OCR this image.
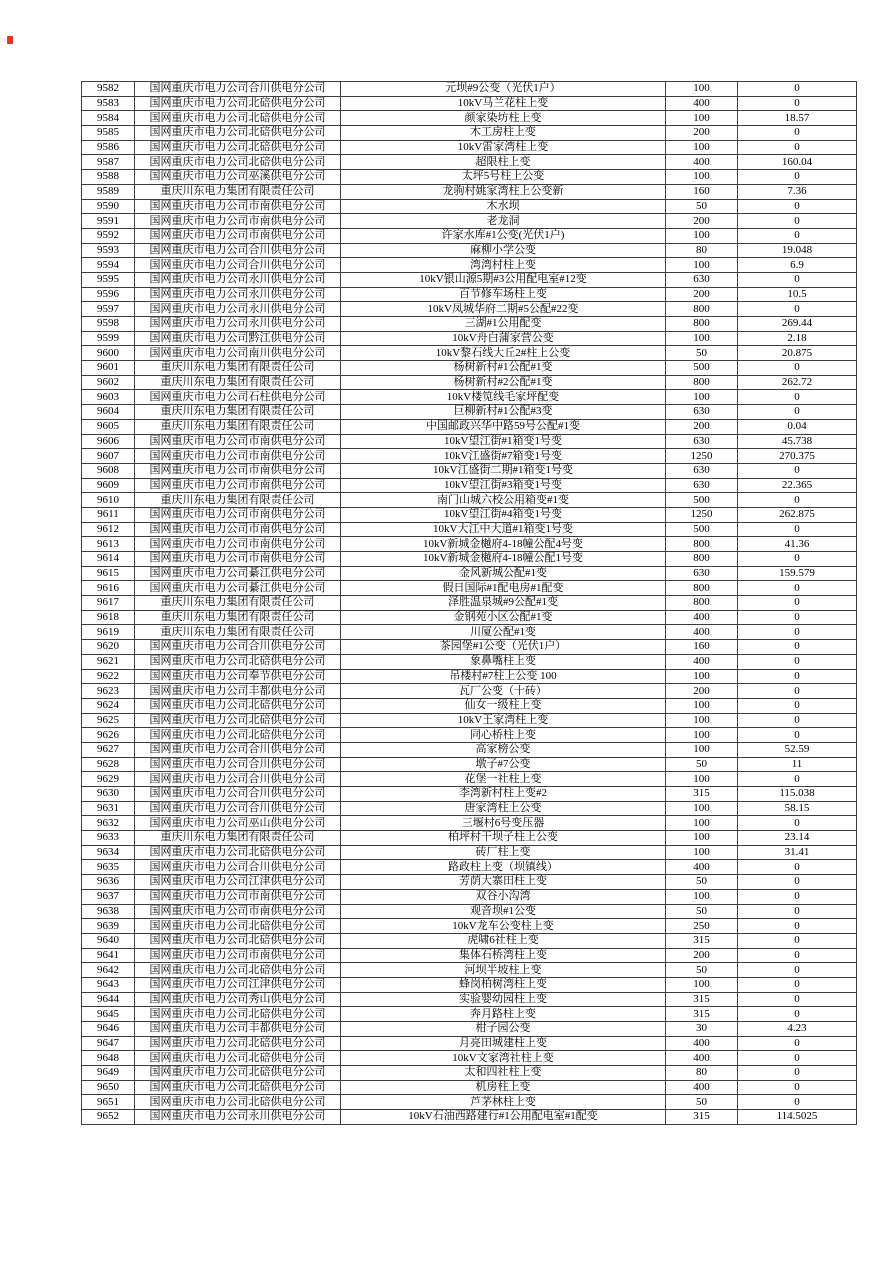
9582	国网重庆市电力公司合川供电分公司	元坝#9公变（光伏1户）	100	0
9583	国网重庆市电力公司北碚供电分公司	10kV马兰花柱上变	400	0
9584	国网重庆市电力公司北碚供电分公司	颜家染坊柱上变	100	18.57
9585	国网重庆市电力公司北碚供电分公司	木工房柱上变	200	0
9586	国网重庆市电力公司北碚供电分公司	10kV雷家湾柱上变	100	0
9587	国网重庆市电力公司北碚供电分公司	超限柱上变	400	160.04
9588	国网重庆市电力公司巫溪供电分公司	太坪5号柱上公变	100	0
9589	重庆川东电力集团有限责任公司	龙驹村姚家湾柱上公变新	160	7.36
9590	国网重庆市电力公司市南供电分公司	木水坝	50	0
9591	国网重庆市电力公司市南供电分公司	老龙洞	200	0
9592	国网重庆市电力公司市南供电分公司	许家水库#1公变(光伏1户)	100	0
9593	国网重庆市电力公司合川供电分公司	麻柳小学公变	80	19.048
9594	国网重庆市电力公司合川供电分公司	湾湾村柱上变	100	6.9
9595	国网重庆市电力公司永川供电分公司	10kV银山源5期#3公用配电室#12变	630	0
9596	国网重庆市电力公司永川供电分公司	百节修车场柱上变	200	10.5
9597	国网重庆市电力公司永川供电分公司	10kV凤城华府二期#5公配#22变	800	0
9598	国网重庆市电力公司永川供电分公司	三湖#1公用配变	800	269.44
9599	国网重庆市电力公司黔江供电分公司	10kV舟白蒲家营公变	100	2.18
9600	国网重庆市电力公司南川供电分公司	10kV黎石线大丘2#柱上公变	50	20.875
9601	重庆川东电力集团有限责任公司	杨树新村#1公配#1变	500	0
9602	重庆川东电力集团有限责任公司	杨树新村#2公配#1变	800	262.72
9603	国网重庆市电力公司石柱供电分公司	10kV楼笕线毛家坪配变	100	0
9604	重庆川东电力集团有限责任公司	巨柳新村#1公配#3变	630	0
9605	重庆川东电力集团有限责任公司	中国邮政兴华中路59号公配#1变	200	0.04
9606	国网重庆市电力公司市南供电分公司	10kV望江街#1箱变1号变	630	45.738
9607	国网重庆市电力公司市南供电分公司	10kV江盛街#7箱变1号变	1250	270.375
9608	国网重庆市电力公司市南供电分公司	10kV江盛街二期#1箱变1号变	630	0
9609	国网重庆市电力公司市南供电分公司	10kV望江街#3箱变1号变	630	22.365
9610	重庆川东电力集团有限责任公司	南门山城六校公用箱变#1变	500	0
9611	国网重庆市电力公司市南供电分公司	10kV望江街#4箱变1号变	1250	262.875
9612	国网重庆市电力公司市南供电分公司	10kV大江中大道#1箱变1号变	500	0
9613	国网重庆市电力公司市南供电分公司	10kV新城金樾府4-18幢公配4号变	800	41.36
9614	国网重庆市电力公司市南供电分公司	10kV新城金樾府4-18幢公配1号变	800	0
9615	国网重庆市电力公司綦江供电分公司	金风新城公配#1变	630	159.579
9616	国网重庆市电力公司綦江供电分公司	假日国际#1配电房#1配变	800	0
9617	重庆川东电力集团有限责任公司	泽胜温泉城#9公配#1变	800	0
9618	重庆川东电力集团有限责任公司	金钢苑小区公配#1变	400	0
9619	重庆川东电力集团有限责任公司	川厦公配#1变	400	0
9620	国网重庆市电力公司合川供电分公司	茶园堡#1公变（光伏1户）	160	0
9621	国网重庆市电力公司北碚供电分公司	象鼻嘴柱上变	400	0
9622	国网重庆市电力公司奉节供电分公司	吊楼村#7柱上公变 100	100	0
9623	国网重庆市电力公司丰都供电分公司	瓦厂公变（十砖）	200	0
9624	国网重庆市电力公司北碚供电分公司	仙女一级柱上变	100	0
9625	国网重庆市电力公司北碚供电分公司	10kV王家湾柱上变	100	0
9626	国网重庆市电力公司北碚供电分公司	同心桥柱上变	100	0
9627	国网重庆市电力公司合川供电分公司	高家榜公变	100	52.59
9628	国网重庆市电力公司合川供电分公司	墩子#7公变	50	11
9629	国网重庆市电力公司合川供电分公司	花堡一社柱上变	100	0
9630	国网重庆市电力公司合川供电分公司	李湾新村柱上变#2	315	115.038
9631	国网重庆市电力公司合川供电分公司	唐家湾柱上公变	100	58.15
9632	国网重庆市电力公司巫山供电分公司	三堰村6号变压器	100	0
9633	重庆川东电力集团有限责任公司	柏坪村干坝子柱上公变	100	23.14
9634	国网重庆市电力公司北碚供电分公司	砖厂柱上变	100	31.41
9635	国网重庆市电力公司合川供电分公司	路政柱上变（坝镇线）	400	0
9636	国网重庆市电力公司江津供电分公司	芳荫大寨田柱上变	50	0
9637	国网重庆市电力公司市南供电分公司	双谷小沟湾	100	0
9638	国网重庆市电力公司市南供电分公司	观音坝#1公变	50	0
9639	国网重庆市电力公司北碚供电分公司	10kV龙车公变柱上变	250	0
9640	国网重庆市电力公司北碚供电分公司	虎啸6社柱上变	315	0
9641	国网重庆市电力公司市南供电分公司	集体石桥湾柱上变	200	0
9642	国网重庆市电力公司北碚供电分公司	河坝半坡柱上变	50	0
9643	国网重庆市电力公司江津供电分公司	蜂岗柏树湾柱上变	100	0
9644	国网重庆市电力公司秀山供电分公司	实验婴幼园柱上变	315	0
9645	国网重庆市电力公司北碚供电分公司	奔月路柱上变	315	0
9646	国网重庆市电力公司丰都供电分公司	柑子园公变	30	4.23
9647	国网重庆市电力公司北碚供电分公司	月亮田城建柱上变	400	0
9648	国网重庆市电力公司北碚供电分公司	10kV文家湾社柱上变	400	0
9649	国网重庆市电力公司北碚供电分公司	太和四社柱上变	80	0
9650	国网重庆市电力公司北碚供电分公司	机房柱上变	400	0
9651	国网重庆市电力公司北碚供电分公司	芦茅林柱上变	50	0
9652	国网重庆市电力公司永川供电分公司	10kV石油西路建行#1公用配电室#1配变	315	114.5025
